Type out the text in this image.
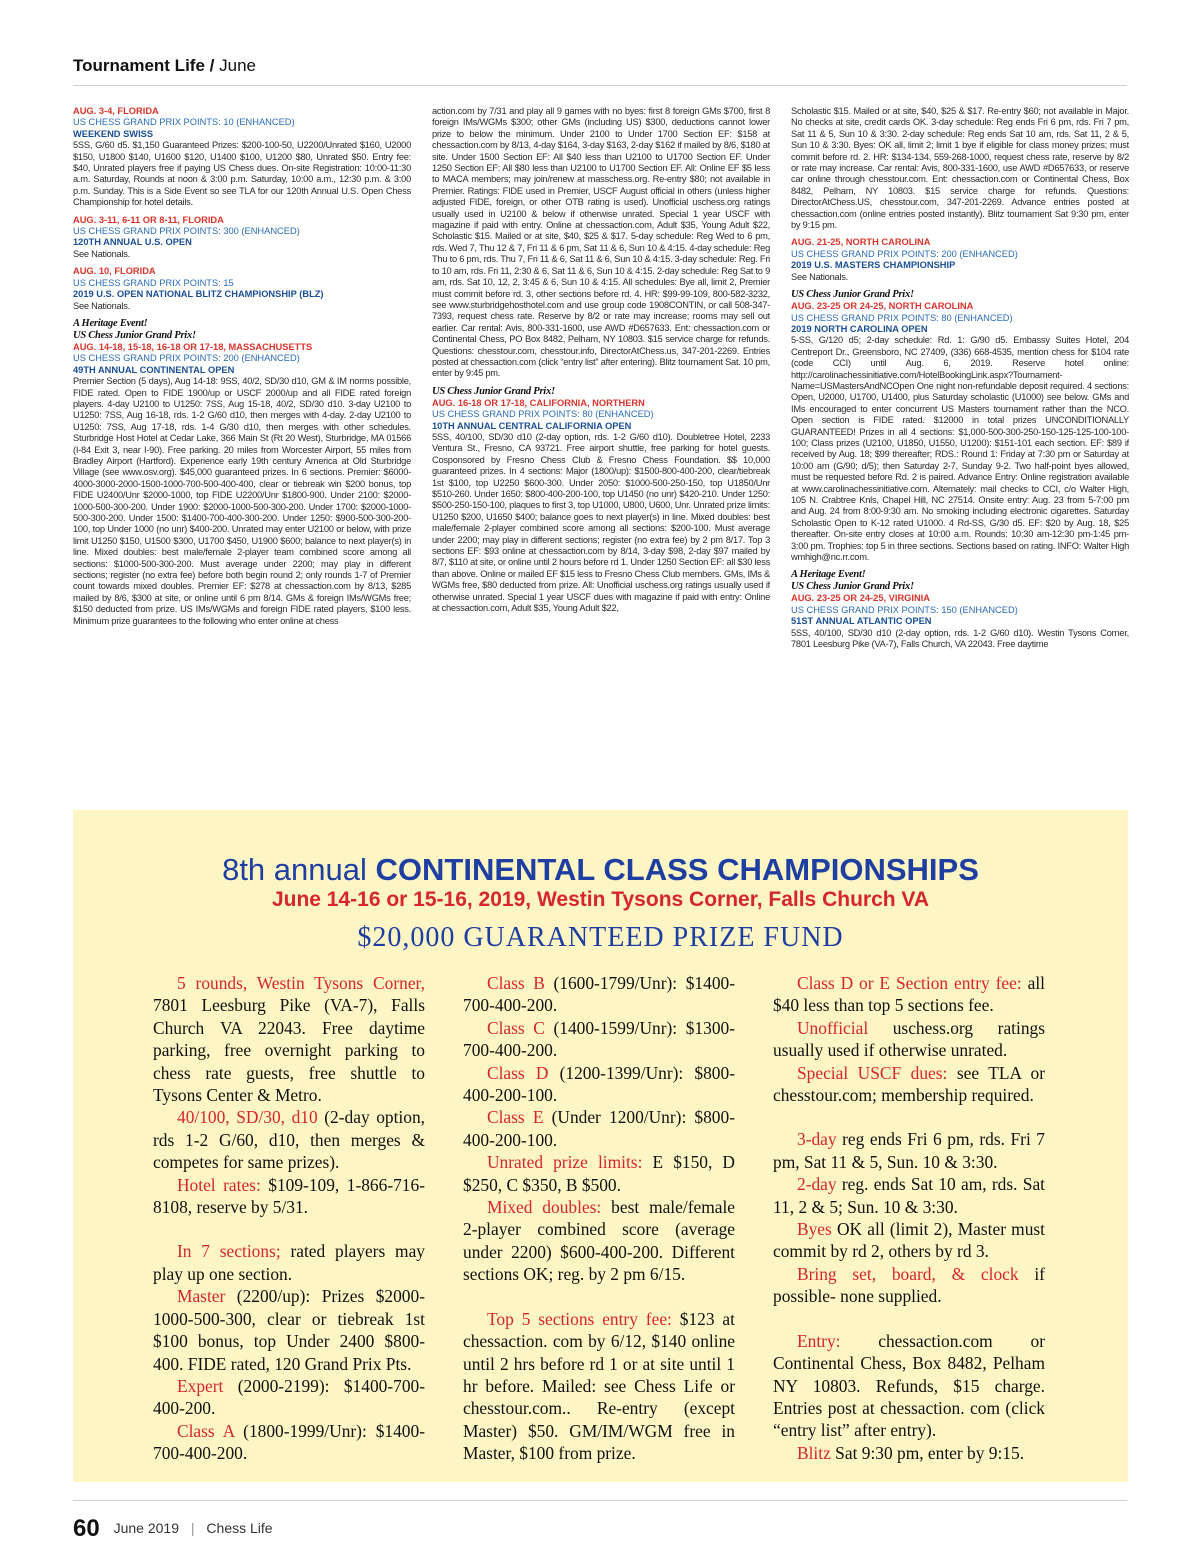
Tournament Life / June
AUG. 3-4, FLORIDA
US CHESS GRAND PRIX POINTS: 10 (ENHANCED)
WEEKEND SWISS

5SS, G/60 d5. $1,150 Guaranteed Prizes: $200-100-50, U2200/Unrated $160, U2000 $150, U1800 $140, U1600 $120, U1400 $100, U1200 $80, Unrated $50. Entry fee: $40, Unrated players free if paying US Chess dues. On-site Registration: 10:00-11:30 a.m. Saturday, Rounds at noon & 3:00 p.m. Saturday, 10:00 a.m., 12:30 p.m. & 3:00 p.m. Sunday. This is a Side Event so see TLA for our 120th Annual U.S. Open Chess Championship for hotel details.

AUG. 3-11, 6-11 OR 8-11, FLORIDA
US CHESS GRAND PRIX POINTS: 300 (ENHANCED)
120TH ANNUAL U.S. OPEN

See Nationals.

AUG. 10, FLORIDA
US CHESS GRAND PRIX POINTS: 15
2019 U.S. OPEN NATIONAL BLITZ CHAMPIONSHIP (BLZ)

See Nationals.

A Heritage Event!
US Chess Junior Grand Prix!
AUG. 14-18, 15-18, 16-18 OR 17-18, MASSACHUSETTS
US CHESS GRAND PRIX POINTS: 200 (ENHANCED)
49TH ANNUAL CONTINENTAL OPEN

Premier Section (5 days), Aug 14-18: 9SS, 40/2, SD/30 d10, GM & IM norms possible, FIDE rated. Open to FIDE 1900/up or USCF 2000/up and all FIDE rated foreign players. 4-day U2100 to U1250: 7SS, Aug 15-18, 40/2, SD/30 d10. 3-day U2100 to U1250: 7SS, Aug 16-18, rds. 1-2 G/60 d10, then merges with 4-day. 2-day U2100 to U1250: 7SS, Aug 17-18, rds. 1-4 G/30 d10, then merges with other schedules. Sturbridge Host Hotel at Cedar Lake, 366 Main St (Rt 20 West), Sturbridge, MA 01566 (I-84 Exit 3, near I-90). Free parking. 20 miles from Worcester Airport, 55 miles from Bradley Airport (Hartford). Experience early 19th century America at Old Sturbridge Village (see www.osv.org). $45,000 guaranteed prizes. In 6 sections. Premier: $6000-4000-3000-2000-1500-1000-700-500-400-400, clear or tiebreak win $200 bonus, top FIDE U2400/Unr $2000-1000, top FIDE U2200/Unr $1800-900. Under 2100: $2000-1000-500-300-200. Under 1900: $2000-1000-500-300-200. Under 1700: $2000-1000-500-300-200. Under 1500: $1400-700-400-300-200. Under 1250: $900-500-300-200-100, top Under 1000 (no unr) $400-200. Unrated may enter U2100 or below, with prize limit U1250 $150, U1500 $300, U1700 $450, U1900 $600; balance to next player(s) in line. Mixed doubles: best male/female 2-player team combined score among all sections: $1000-500-300-200. Must average under 2200; may play in different sections; register (no extra fee) before both begin round 2; only rounds 1-7 of Premier count towards mixed doubles. Premier EF: $278 at chessaction.com by 8/13, $285 mailed by 8/6, $300 at site, or online until 6 pm 8/14. GMs & foreign IMs/WGMs free; $150 deducted from prize. US IMs/WGMs and foreign FIDE rated players, $100 less. Minimum prize guarantees to the following who enter online at chess

action.com by 7/31 and play all 9 games with no byes: first 8 foreign GMs $700, first 8 foreign IMs/WGMs $300; other GMs (including US) $300, deductions cannot lower prize to below the minimum. Under 2100 to Under 1700 Section EF: $158 at chessaction.com by 8/13, 4-day $164, 3-day $163, 2-day $162 if mailed by 8/6, $180 at site. Under 1500 Section EF: All $40 less than U2100 to U1700 Section EF. Under 1250 Section EF: All $80 less than U2100 to U1700 Section EF. All: Online EF $5 less to MACA members; may join/renew at masschess.org. Re-entry $80; not available in Premier. Ratings: FIDE used in Premier, USCF August official in others (unless higher adjusted FIDE, foreign, or other OTB rating is used). Unofficial uschess.org ratings usually used in U2100 & below if otherwise unrated. Special 1 year USCF with magazine if paid with entry. Online at chessaction.com, Adult $35, Young Adult $22, Scholastic $15. Mailed or at site, $40, $25 & $17. 5-day schedule: Reg Wed to 6 pm, rds. Wed 7, Thu 12 & 7, Fri 11 & 6 pm, Sat 11 & 6, Sun 10 & 4:15. 4-day schedule: Reg Thu to 6 pm, rds. Thu 7, Fri 11 & 6, Sat 11 & 6, Sun 10 & 4:15. 3-day schedule: Reg. Fri to 10 am, rds. Fri 11, 2:30 & 6, Sat 11 & 6, Sun 10 & 4:15. 2-day schedule: Reg Sat to 9 am, rds. Sat 10, 12, 2, 3:45 & 6, Sun 10 & 4:15. All schedules: Bye all, limit 2, Premier must commit before rd. 3, other sections before rd. 4. HR: $99-99-109, 800-582-3232, see www.sturbridgehosthotel.com and use group code 1908CONTIN, or call 508-347-7393, request chess rate. Reserve by 8/2 or rate may increase; rooms may sell out earlier. Car rental: Avis, 800-331-1600, use AWD #D657633. Ent: chessaction.com or Continental Chess, PO Box 8482, Pelham, NY 10803. $15 service charge for refunds. Questions: chesstour.com, chesstour.info, DirectorAtChess.us, 347-201-2269. Entries posted at chessaction.com (click “entry list” after entering). Blitz tournament Sat. 10 pm, enter by 9:45 pm.

US Chess Junior Grand Prix!
AUG. 16-18 OR 17-18, CALIFORNIA, NORTHERN
US CHESS GRAND PRIX POINTS: 80 (ENHANCED)
10TH ANNUAL CENTRAL CALIFORNIA OPEN

5SS, 40/100, SD/30 d10 (2-day option, rds. 1-2 G/60 d10). Doubletree Hotel, 2233 Ventura St., Fresno, CA 93721. Free airport shuttle, free parking for hotel guests. Cosponsored by Fresno Chess Club & Fresno Chess Foundation. $$ 10,000 guaranteed prizes. In 4 sections: Major (1800/up): $1500-800-400-200, clear/tiebreak 1st $100, top U2250 $600-300. Under 2050: $1000-500-250-150, top U1850/Unr $510-260. Under 1650: $800-400-200-100, top U1450 (no unr) $420-210. Under 1250: $500-250-150-100, plaques to first 3, top U1000, U800, U600, Unr. Unrated prize limits: U1250 $200, U1650 $400; balance goes to next player(s) in line. Mixed doubles: best male/female 2-player combined score among all sections: $200-100. Must average under 2200; may play in different sections; register (no extra fee) by 2 pm 8/17. Top 3 sections EF: $93 online at chessaction.com by 8/14, 3-day $98, 2-day $97 mailed by 8/7, $110 at site, or online until 2 hours before rd 1. Under 1250 Section EF: all $30 less than above. Online or mailed EF $15 less to Fresno Chess Club members. GMs, IMs & WGMs free, $80 deducted from prize. All: Unofficial uschess.org ratings usually used if otherwise unrated. Special 1 year USCF dues with magazine if paid with entry: Online at chessaction.com, Adult $35, Young Adult $22,

Scholastic $15. Mailed or at site, $40, $25 & $17. Re-entry $60; not available in Major. No checks at site, credit cards OK. 3-day schedule: Reg ends Fri 6 pm, rds. Fri 7 pm, Sat 11 & 5, Sun 10 & 3:30. 2-day schedule: Reg ends Sat 10 am, rds. Sat 11, 2 & 5, Sun 10 & 3:30. Byes: OK all, limit 2; limit 1 bye if eligible for class money prizes; must commit before rd. 2. HR: $134-134, 559-268-1000, request chess rate, reserve by 8/2 or rate may increase. Car rental: Avis, 800-331-1600, use AWD #D657633, or reserve car online through chesstour.com. Ent: chessaction.com or Continental Chess, Box 8482, Pelham, NY 10803. $15 service charge for refunds. Questions: DirectorAtChess.US, chesstour.com, 347-201-2269. Advance entries posted at chessaction.com (online entries posted instantly). Blitz tournament Sat 9:30 pm, enter by 9:15 pm.

AUG. 21-25, NORTH CAROLINA
US CHESS GRAND PRIX POINTS: 200 (ENHANCED)
2019 U.S. MASTERS CHAMPIONSHIP

See Nationals.

US Chess Junior Grand Prix!
AUG. 23-25 OR 24-25, NORTH CAROLINA
US CHESS GRAND PRIX POINTS: 80 (ENHANCED)
2019 NORTH CAROLINA OPEN

5-SS, G/120 d5; 2-day schedule: Rd. 1: G/90 d5. Embassy Suites Hotel, 204 Centreport Dr., Greensboro, NC 27409, (336) 668-4535, mention chess for $104 rate (code CCI) until Aug. 6, 2019. Reserve hotel online: http://carolinachessinitiative.com/HotelBookingLink.aspx?Tournament-Name=USMastersAndNCOpen One night non-refundable deposit required. 4 sections: Open, U2000, U1700, U1400, plus Saturday scholastic (U1000) see below. GMs and IMs encouraged to enter concurrent US Masters tournament rather than the NCO. Open section is FIDE rated. $12000 in total prizes UNCONDITIONALLY GUARANTEED! Prizes in all 4 sections: $1,000-500-300-250-150-125-125-100-100-100; Class prizes (U2100, U1850, U1550, U1200): $151-101 each section. EF: $89 if received by Aug. 18; $99 thereafter; RDS.: Round 1: Friday at 7:30 pm or Saturday at 10:00 am (G/90; d/5); then Saturday 2-7, Sunday 9-2. Two half-point byes allowed, must be requested before Rd. 2 is paired. Advance Entry: Online registration available at www.carolinachessinitiative.com. Alternately: mail checks to CCI, c/o Walter High, 105 N. Crabtree Knls, Chapel Hill, NC 27514. Onsite entry: Aug. 23 from 5-7:00 pm and Aug. 24 from 8:00-9:30 am. No smoking including electronic cigarettes. Saturday Scholastic Open to K-12 rated U1000. 4 Rd-SS, G/30 d5. EF: $20 by Aug. 18, $25 thereafter. On-site entry closes at 10:00 a.m. Rounds: 10:30 am-12:30 pm-1:45 pm-3:00 pm. Trophies: top 5 in three sections. Sections based on rating. INFO: Walter High wmhigh@nc.rr.com.

A Heritage Event!
US Chess Junior Grand Prix!
AUG. 23-25 OR 24-25, VIRGINIA
US CHESS GRAND PRIX POINTS: 150 (ENHANCED)
51ST ANNUAL ATLANTIC OPEN

5SS, 40/100, SD/30 d10 (2-day option, rds. 1-2 G/60 d10). Westin Tysons Corner, 7801 Leesburg Pike (VA-7), Falls Church, VA 22043. Free daytime

8th annual CONTINENTAL CLASS CHAMPIONSHIPS
June 14-16 or 15-16, 2019, Westin Tysons Corner, Falls Church VA
$20,000 GUARANTEED PRIZE FUND

5 rounds, Westin Tysons Corner, 7801 Leesburg Pike (VA-7), Falls Church VA 22043. Free daytime parking, free overnight parking to chess rate guests, free shuttle to Tysons Center & Metro.

40/100, SD/30, d10 (2-day option, rds 1-2 G/60, d10, then merges & competes for same prizes).

Hotel rates: $109-109, 1-866-716-8108, reserve by 5/31.

In 7 sections; rated players may play up one section.

Master (2200/up): Prizes $2000-1000-500-300, clear or tiebreak 1st $100 bonus, top Under 2400 $800-400. FIDE rated, 120 Grand Prix Pts.

Expert (2000-2199): $1400-700-400-200.

Class A (1800-1999/Unr): $1400-700-400-200.

Class B (1600-1799/Unr): $1400-700-400-200.

Class C (1400-1599/Unr): $1300-700-400-200.

Class D (1200-1399/Unr): $800-400-200-100.

Class E (Under 1200/Unr): $800-400-200-100.

Unrated prize limits: E $150, D $250, C $350, B $500.

Mixed doubles: best male/female 2-player combined score (average under 2200) $600-400-200. Different sections OK; reg. by 2 pm 6/15.

Top 5 sections entry fee: $123 at chessaction. com by 6/12, $140 online until 2 hrs before rd 1 or at site until 1 hr before. Mailed: see Chess Life or chesstour.com.. Re-entry (except Master) $50. GM/IM/WGM free in Master, $100 from prize.

Class D or E Section entry fee: all $40 less than top 5 sections fee.

Unofficial uschess.org ratings usually used if otherwise unrated.

Special USCF dues: see TLA or chesstour.com; membership required.

3-day reg ends Fri 6 pm, rds. Fri 7 pm, Sat 11 & 5, Sun. 10 & 3:30.

2-day reg. ends Sat 10 am, rds. Sat 11, 2 & 5; Sun. 10 & 3:30.

Byes OK all (limit 2), Master must commit by rd 2, others by rd 3.

Bring set, board, & clock if possible- none supplied.

Entry: chessaction.com or Continental Chess, Box 8482, Pelham NY 10803. Refunds, $15 charge. Entries post at chessaction. com (click “entry list” after entry).

Blitz Sat 9:30 pm, enter by 9:15.

60 June 2019 | Chess Life
